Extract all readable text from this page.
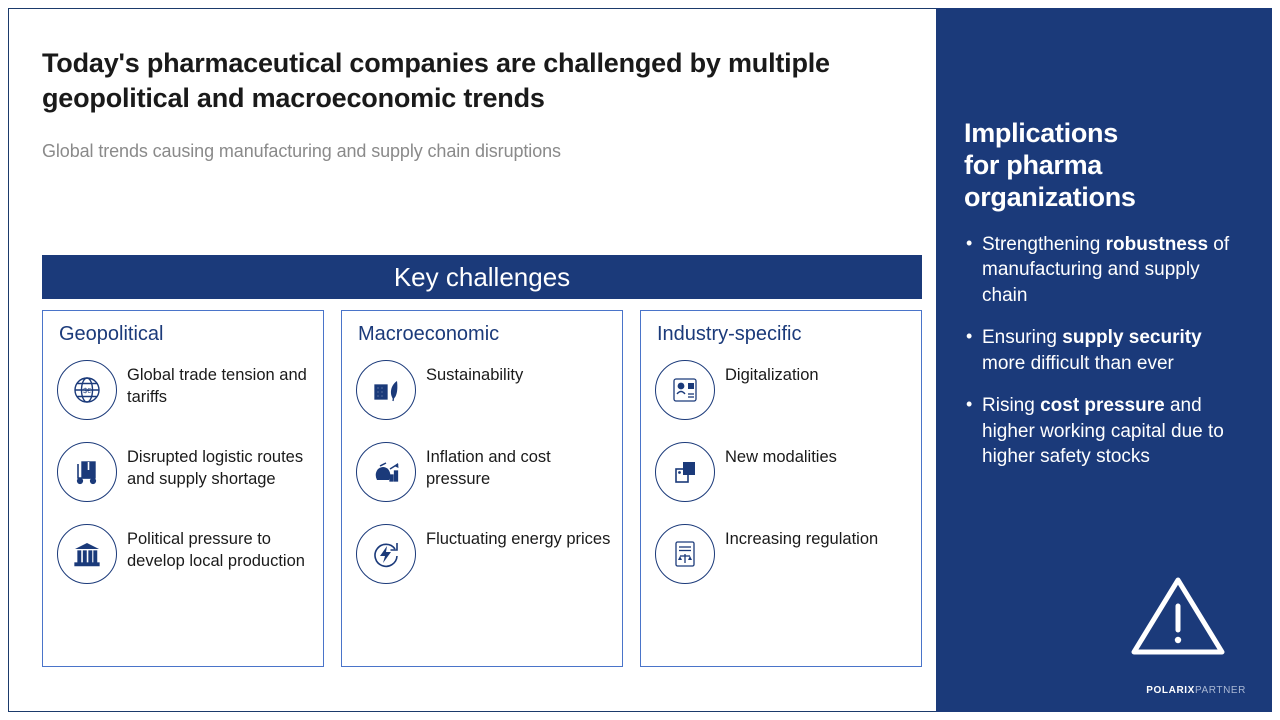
Today's pharmaceutical companies are challenged by multiple geopolitical and macroeconomic trends

Global trends causing manufacturing and supply chain disruptions

Key challenges
Geopolitical
$€
Global trade tension and tariffs
Disrupted logistic routes and supply shortage
Political pressure to develop local production
Macroeconomic
Sustainability
Inflation and cost pressure
Fluctuating energy prices
Industry-specific
Digitalization
New modalities
Increasing regulation
Implications
for pharma
organizations
• Strengthening robustness of manufacturing and supply chain
• Ensuring supply security more difficult than ever
• Rising cost pressure and higher working capital due to higher safety stocks
POLARIXPARTNER
